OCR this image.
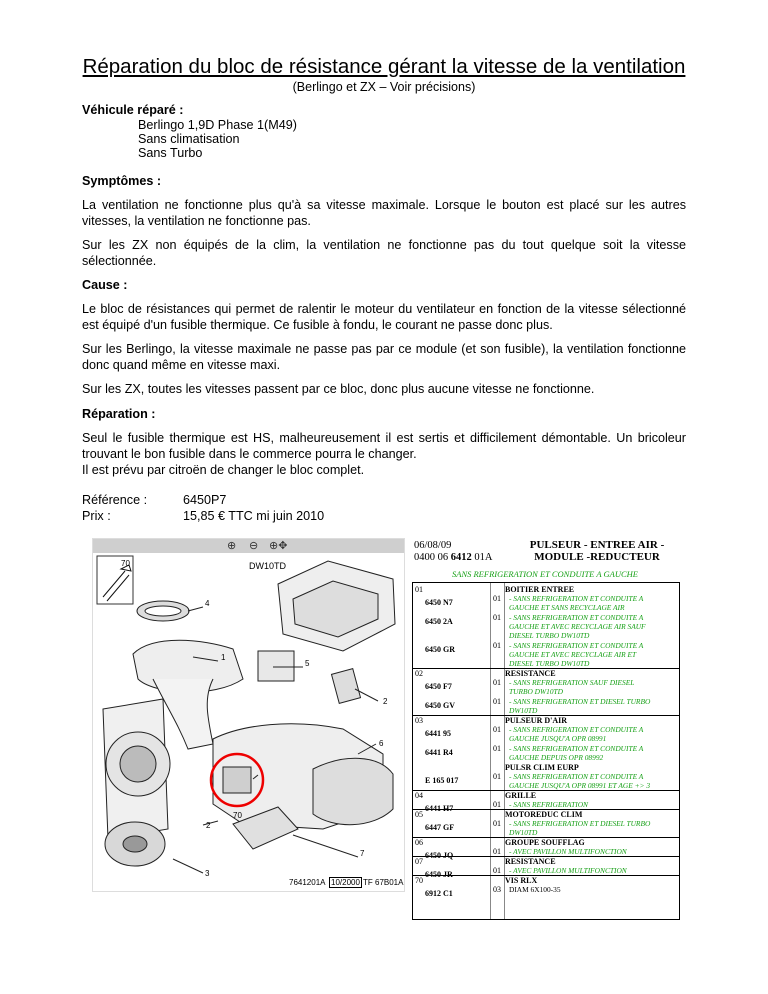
Réparation du bloc de résistance gérant la vitesse de la ventilation
(Berlingo et ZX – Voir précisions)
Véhicule réparé :
Berlingo 1,9D Phase 1(M49)
Sans climatisation
Sans Turbo
Symptômes :
La ventilation ne fonctionne plus qu'à sa vitesse maximale. Lorsque le bouton est placé sur les autres vitesses, la ventilation ne fonctionne pas.
Sur les ZX non équipés de la clim, la ventilation ne fonctionne pas du tout quelque soit la vitesse sélectionnée.
Cause :
Le bloc de résistances qui permet de ralentir le moteur du ventilateur en fonction de la vitesse sélectionné est équipé d'un fusible thermique. Ce fusible à fondu, le courant ne passe donc plus.
Sur les Berlingo, la vitesse maximale ne passe pas par ce module (et son fusible), la ventilation fonctionne donc quand même en vitesse maxi.
Sur les ZX, toutes les vitesses passent par ce bloc, donc plus aucune vitesse ne fonctionne.
Réparation :
Seul le fusible thermique est HS, malheureusement il est sertis et difficilement démontable. Un bricoleur trouvant le bon fusible dans le commerce pourra le changer.
Il est prévu par citroën de changer le bloc complet.
Référence :	6450P7
Prix :	15,85 € TTC mi juin 2010
⊕ ⊖ ⊕✥
70	DW10TD
4
1
5
2
6
70
2
7
3
7641201A 10/2000 TF 67B01A
06/08/09
0400 06 6412 01A
PULSEUR - ENTREE AIR - MODULE -REDUCTEUR
SANS REFRIGERATION ET CONDUITE A GAUCHE
01	BOITIER ENTREE
6450 N7	01 - SANS REFRIGERATION ET CONDUITE A
GAUCHE ET SANS RECYCLAGE AIR
6450 2A	01 - SANS REFRIGERATION ET CONDUITE A
GAUCHE ET AVEC RECYCLAGE AIR SAUF
DIESEL TURBO DW10TD
6450 GR	01 - SANS REFRIGERATION ET CONDUITE A
GAUCHE ET AVEC RECYCLAGE AIR ET
DIESEL TURBO DW10TD
02	RESISTANCE
6450 F7	01 - SANS REFRIGERATION SAUF DIESEL
TURBO DW10TD
6450 GV	01 - SANS REFRIGERATION ET DIESEL TURBO
DW10TD
03	PULSEUR D'AIR
6441 95	01 - SANS REFRIGERATION ET CONDUITE A
GAUCHE JUSQU'A OPR 08991
6441 R4	01 - SANS REFRIGERATION ET CONDUITE A
GAUCHE DEPUIS OPR 08992
PULSR CLIM EURP
E 165 017	01 - SANS REFRIGERATION ET CONDUITE A
GAUCHE JUSQU'A OPR 08991 ET AGE +> 3
04	GRILLE
6441 H7	01 - SANS REFRIGERATION
05	MOTOREDUC CLIM
6447 GF	01 - SANS REFRIGERATION ET DIESEL TURBO
DW10TD
06	GROUPE SOUFFLAG
6450 JQ	01 - AVEC PAVILLON MULTIFONCTION
07	RESISTANCE
6450 JR	01 - AVEC PAVILLON MULTIFONCTION
70	VIS RLX
6912 C1	03 DIAM 6X100-35
